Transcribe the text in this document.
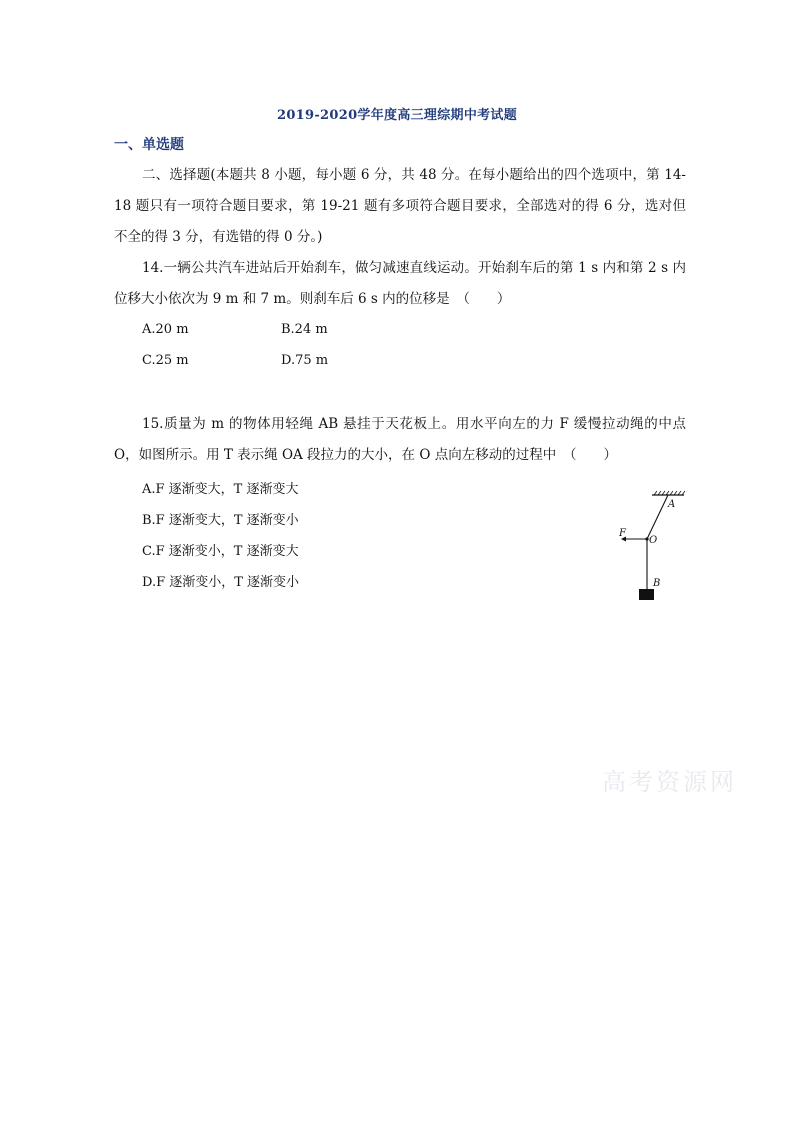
2019-2020学年度高三理综期中考试题
一、单选题

二、选择题(本题共 8 小题，每小题 6 分，共 48 分。在每小题给出的四个选项中，第 14-18 题只有一项符合题目要求，第 19-21 题有多项符合题目要求，全部选对的得 6 分，选对但不全的得 3 分，有选错的得 0 分。)

14.一辆公共汽车进站后开始刹车，做匀减速直线运动。开始刹车后的第 1 s 内和第 2 s 内位移大小依次为 9 m 和 7 m。则刹车后 6 s 内的位移是　（　　）

A.20 m	B.24 m
C.25 m	D.75 m

15.质量为 m 的物体用轻绳 AB 悬挂于天花板上。用水平向左的力 F 缓慢拉动绳的中点 O，如图所示。用 T 表示绳 OA 段拉力的大小，在 O 点向左移动的过程中　（　　）

A.F 逐渐变大，T 逐渐变大
B.F 逐渐变大，T 逐渐变小
C.F 逐渐变小，T 逐渐变大
D.F 逐渐变小，T 逐渐变小
A
F
O
B
高考资源网
